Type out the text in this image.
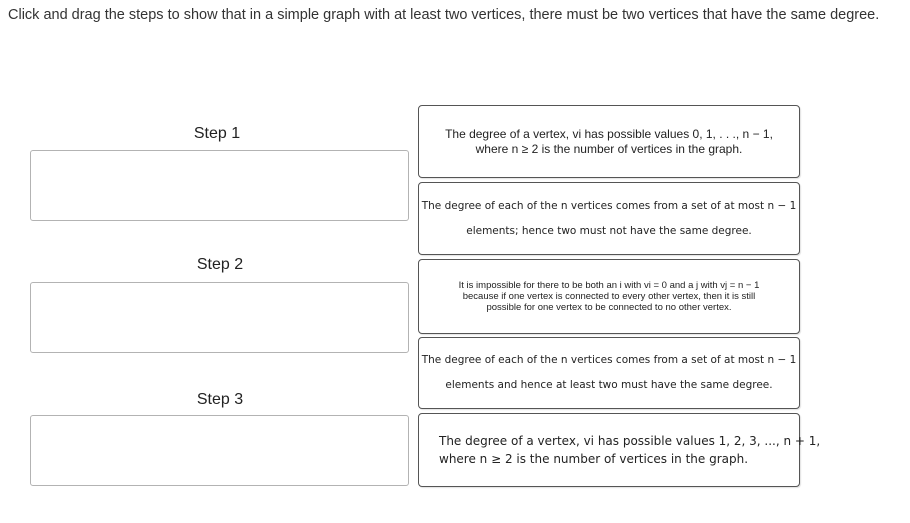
Click and drag the steps to show that in a simple graph with at least two vertices, there must be two vertices that have the same degree.

Step 1
Step 2
Step 3
The degree of a vertex, vi has possible values 0, 1, . . ., n − 1,
where n ≥ 2 is the number of vertices in the graph.
The degree of each of the n vertices comes from a set of at most n − 1
elements; hence two must not have the same degree.
It is impossible for there to be both an i with vi = 0 and a j with vj = n − 1
because if one vertex is connected to every other vertex, then it is still
possible for one vertex to be connected to no other vertex.
The degree of each of the n vertices comes from a set of at most n − 1
elements and hence at least two must have the same degree.
The degree of a vertex, vi has possible values 1, 2, 3, ..., n + 1,
where n ≥ 2 is the number of vertices in the graph.
